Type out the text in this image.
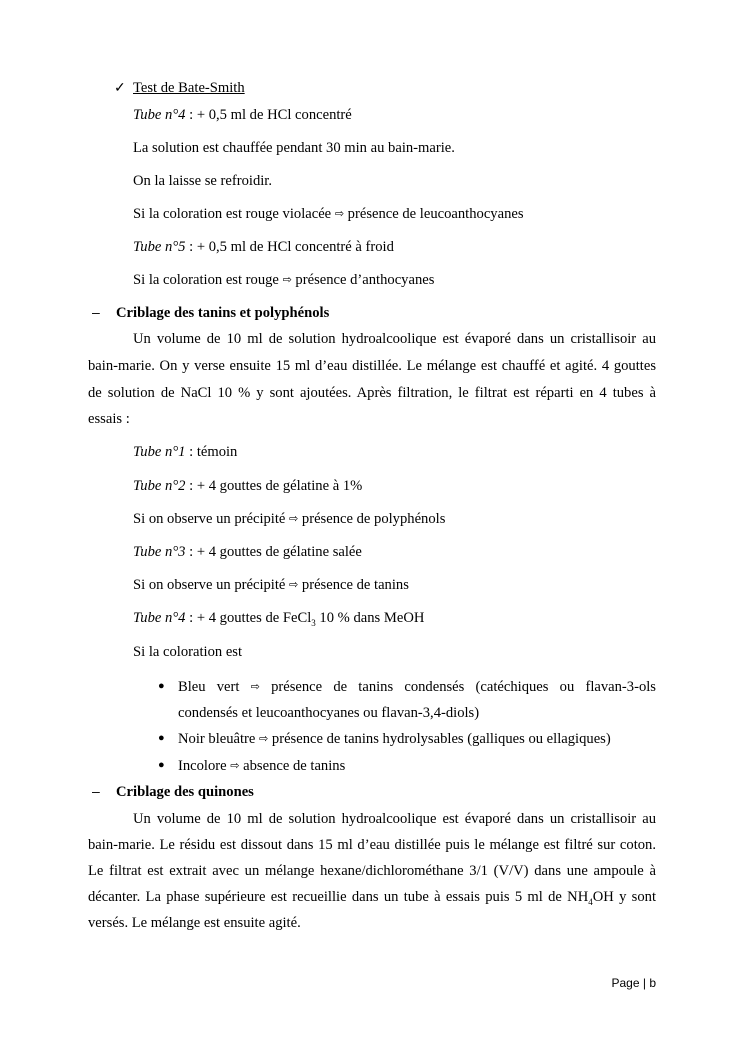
✓ Test de Bate-Smith
Tube n°4 : + 0,5 ml de HCl concentré
La solution est chauffée pendant 30 min au bain-marie.
On la laisse se refroidir.
Si la coloration est rouge violacée ⇨ présence de leucoanthocyanes
Tube n°5 : + 0,5 ml de HCl concentré à froid
Si la coloration est rouge ⇨ présence d’anthocyanes
– Criblage des tanins et polyphénols
Un volume de 10 ml de solution hydroalcoolique est évaporé dans un cristallisoir au
bain-marie. On y verse ensuite 15 ml d’eau distillée. Le mélange est chauffé et agité. 4 gouttes
de solution de NaCl 10 % y sont ajoutées. Après filtration, le filtrat est réparti en 4 tubes à
essais :
Tube n°1 : témoin
Tube n°2 : + 4 gouttes de gélatine à 1%
Si on observe un précipité ⇨ présence de polyphénols
Tube n°3 : + 4 gouttes de gélatine salée
Si on observe un précipité ⇨ présence de tanins
Tube n°4 : + 4 gouttes de FeCl$_3$ 10 % dans MeOH
Si la coloration est
● Bleu vert ⇨ présence de tanins condensés (catéchiques ou flavan-3-ols
condensés et leucoanthocyanes ou flavan-3,4-diols)
● Noir bleuâtre ⇨ présence de tanins hydrolysables (galliques ou ellagiques)
● Incolore ⇨ absence de tanins
– Criblage des quinones
Un volume de 10 ml de solution hydroalcoolique est évaporé dans un cristallisoir au
bain-marie. Le résidu est dissout dans 15 ml d’eau distillée puis le mélange est filtré sur coton.
Le filtrat est extrait avec un mélange hexane/dichlorométhane 3/1 (V/V) dans une ampoule à
décanter. La phase supérieure est recueillie dans un tube à essais puis 5 ml de $NH_4OH$ y sont
versés. Le mélange est ensuite agité.
Page | b
